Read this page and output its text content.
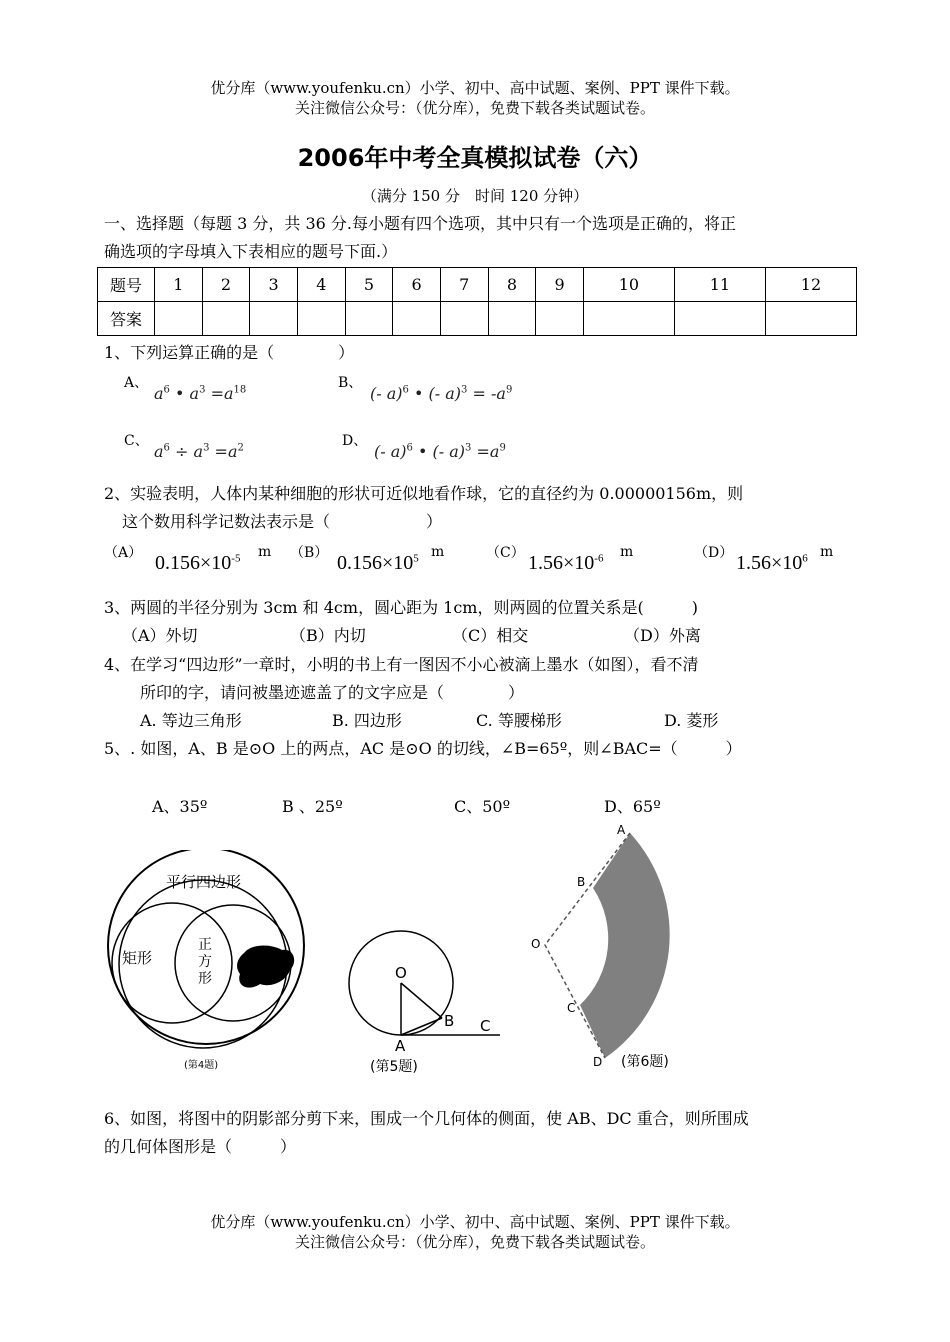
优分库（www.youfenku.cn）小学、初中、高中试题、案例、PPT 课件下载。
关注微信公众号：（优分库），免费下载各类试题试卷。
2006年中考全真模拟试卷（六）
（满分 150 分　时间 120 分钟）
一、选择题（每题 3 分，共 36 分.每小题有四个选项，其中只有一个选项是正确的，将正
确选项的字母填入下表相应的题号下面.）
题号	1	2	3	4	5	6	7	8	9	10	11	12
答案												
1、下列运算正确的是（　　　　）
A、
$a^6$ • $a^3 =a^{18}$	B、
(- a)$^6$ • (- $a)^3 = -a^9$
C、
$a^6 \div a^3 =a^2$	D、
(- a)$^6$ • (- $a)^3 =a^9$
2、实验表明，人体内某种细胞的形状可近似地看作球，它的直径约为 0.00000156m，则
这个数用科学记数法表示是（　　　　　　）
（A） $0.156\times 10^{-5}$ m （B） $0.156\times 10^5$ m	（C） $1.56\times 10^{-6}$ m	（D） $1.56\times 10^6$ m
3、两圆的半径分别为 3cm 和 4cm，圆心距为 1cm，则两圆的位置关系是(　　　)
（A）外切	（B）内切	（C）相交	（D）外离
4、在学习“四边形”一章时，小明的书上有一图因不小心被滴上墨水（如图），看不清
所印的字，请问被墨迹遮盖了的文字应是（　　　　）
A. 等边三角形	B. 四边形	C. 等腰梯形	D. 菱形
5、. 如图，A、B 是⊙O 上的两点，AC 是⊙O 的切线，∠B=65º，则∠BAC=（　　　）
A、35º	B 、25º	C、50º	D、65º
平行四边形
矩形
正
方
形
(第4题)
O
A
B C
(第5题)
A
B
O
C
D (第6题)
6、如图，将图中的阴影部分剪下来，围成一个几何体的侧面，使 AB、DC 重合，则所围成
的几何体图形是（　　　）
优分库（www.youfenku.cn）小学、初中、高中试题、案例、PPT 课件下载。
关注微信公众号：（优分库），免费下载各类试题试卷。
